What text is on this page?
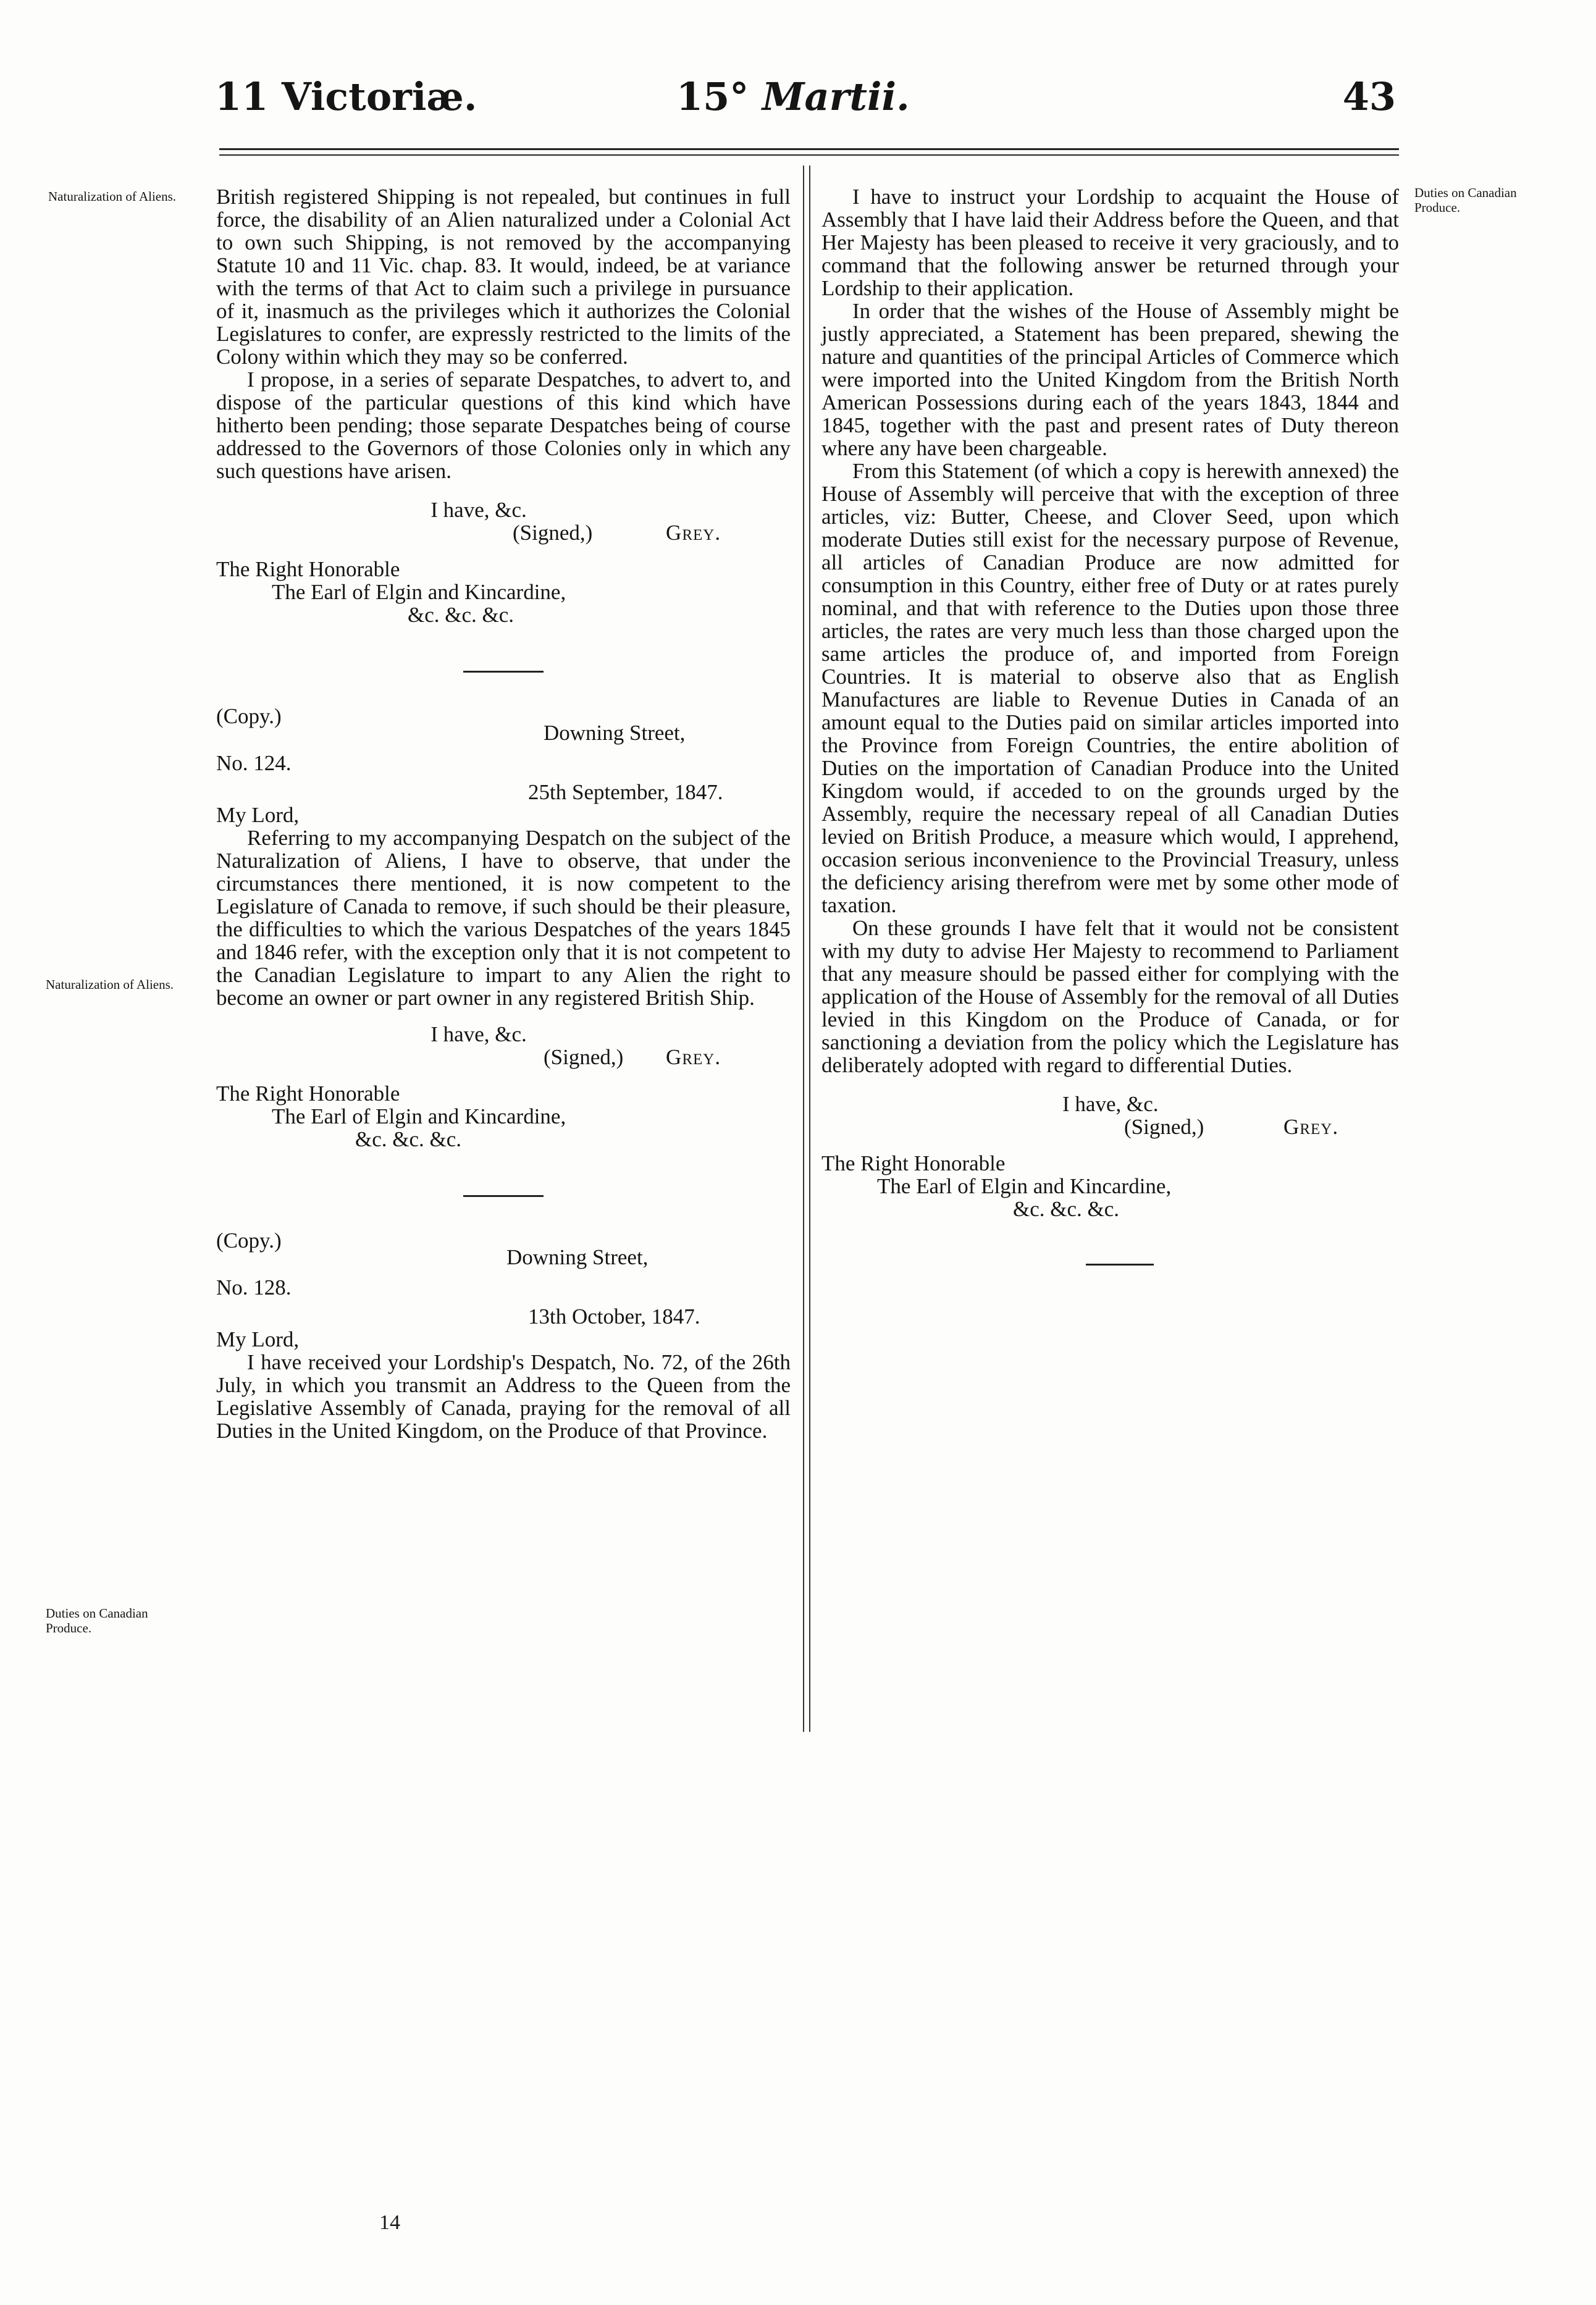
11 Victoriæ.	15° Martii.	43
Naturalization of Aliens.
Naturalization of Aliens.
Duties on Canadian Produce.
Duties on Canadian Produce.

British registered Shipping is not repealed, but continues in full force, the disability of an Alien naturalized under a Colonial Act to own such Shipping, is not removed by the accompanying Statute 10 and 11 Vic. chap. 83. It would, indeed, be at variance with the terms of that Act to claim such a privilege in pursuance of it, inasmuch as the privileges which it authorizes the Colonial Legislatures to confer, are expressly restricted to the limits of the Colony within which they may so be conferred.

I propose, in a series of separate Despatches, to advert to, and dispose of the particular questions of this kind which have hitherto been pending; those separate Despatches being of course addressed to the Governors of those Colonies only in which any such questions have arisen.

I have, &c.

(Signed,)	Grey.

The Right Honorable

The Earl of Elgin and Kincardine,

&c. &c. &c.

(Copy.)

Downing Street,

No. 124.

25th September, 1847.

My Lord,

Referring to my accompanying Despatch on the subject of the Naturalization of Aliens, I have to observe, that under the circumstances there mentioned, it is now competent to the Legislature of Canada to remove, if such should be their pleasure, the difficulties to which the various Despatches of the years 1845 and 1846 refer, with the exception only that it is not competent to the Canadian Legislature to impart to any Alien the right to become an owner or part owner in any registered British Ship.

I have, &c.

(Signed,) Grey.

The Right Honorable

The Earl of Elgin and Kincardine,

&c. &c. &c.

(Copy.)

Downing Street,

No. 128.

13th October, 1847.

My Lord,

I have received your Lordship's Despatch, No. 72, of the 26th July, in which you transmit an Address to the Queen from the Legislative Assembly of Canada, praying for the removal of all Duties in the United Kingdom, on the Produce of that Province.

I have to instruct your Lordship to acquaint the House of Assembly that I have laid their Address before the Queen, and that Her Majesty has been pleased to receive it very graciously, and to command that the following answer be returned through your Lordship to their application.

In order that the wishes of the House of Assembly might be justly appreciated, a Statement has been prepared, shewing the nature and quantities of the principal Articles of Commerce which were imported into the United Kingdom from the British North American Possessions during each of the years 1843, 1844 and 1845, together with the past and present rates of Duty thereon where any have been chargeable.

From this Statement (of which a copy is herewith annexed) the House of Assembly will perceive that with the exception of three articles, viz: Butter, Cheese, and Clover Seed, upon which moderate Duties still exist for the necessary purpose of Revenue, all articles of Canadian Produce are now admitted for consumption in this Country, either free of Duty or at rates purely nominal, and that with reference to the Duties upon those three articles, the rates are very much less than those charged upon the same articles the produce of, and imported from Foreign Countries. It is material to observe also that as English Manufactures are liable to Revenue Duties in Canada of an amount equal to the Duties paid on similar articles imported into the Province from Foreign Countries, the entire abolition of Duties on the importation of Canadian Produce into the United Kingdom would, if acceded to on the grounds urged by the Assembly, require the necessary repeal of all Canadian Duties levied on British Produce, a measure which would, I apprehend, occasion serious inconvenience to the Provincial Treasury, unless the deficiency arising therefrom were met by some other mode of taxation.

On these grounds I have felt that it would not be consistent with my duty to advise Her Majesty to recommend to Parliament that any measure should be passed either for complying with the application of the House of Assembly for the removal of all Duties levied in this Kingdom on the Produce of Canada, or for sanctioning a deviation from the policy which the Legislature has deliberately adopted with regard to differential Duties.

I have, &c.

(Signed,)	Grey.

The Right Honorable

The Earl of Elgin and Kincardine,

&c. &c. &c.

14
